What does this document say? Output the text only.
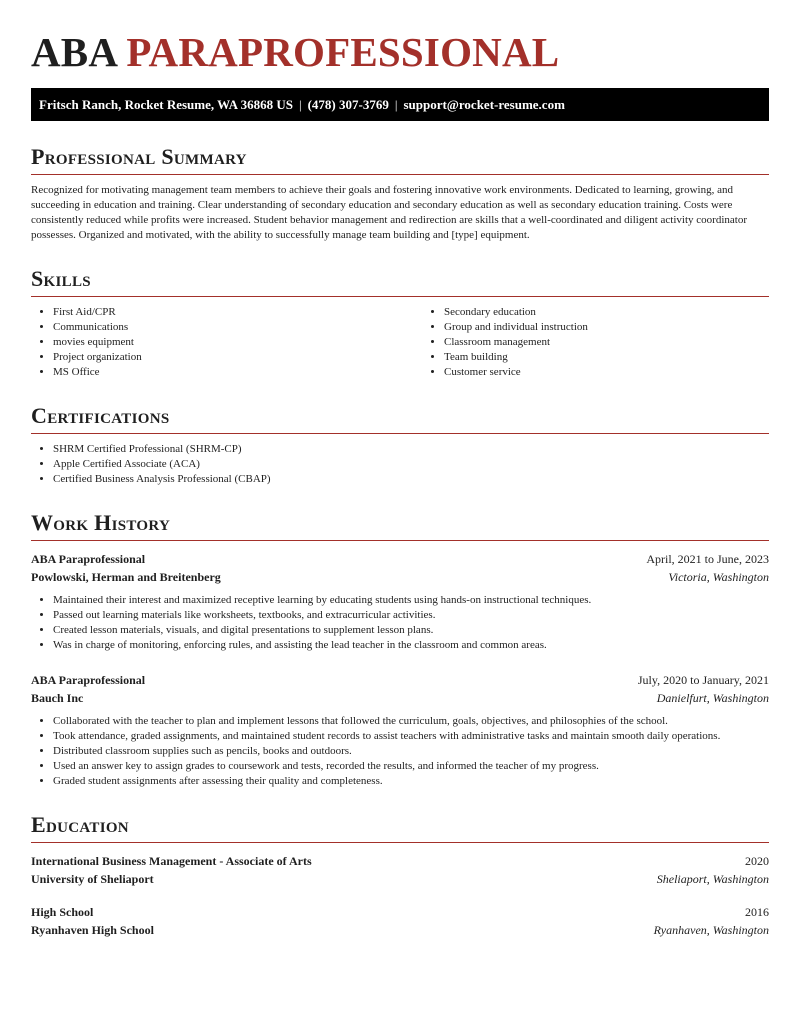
ABA PARAPROFESSIONAL
Fritsch Ranch, Rocket Resume, WA 36868 US | (478) 307-3769 | support@rocket-resume.com
Professional Summary

Recognized for motivating management team members to achieve their goals and fostering innovative work environments. Dedicated to learning, growing, and succeeding in education and training. Clear understanding of secondary education and secondary education as well as secondary education training. Costs were consistently reduced while profits were increased. Student behavior management and redirection are skills that a well-coordinated and diligent activity coordinator possesses. Organized and motivated, with the ability to successfully manage team building and [type] equipment.

Skills
• First Aid/CPR
• Communications
• movies equipment
• Project organization
• MS Office
• Secondary education
• Group and individual instruction
• Classroom management
• Team building
• Customer service
Certifications
• SHRM Certified Professional (SHRM-CP)
• Apple Certified Associate (ACA)
• Certified Business Analysis Professional (CBAP)
Work History
ABA Paraprofessional	April, 2021 to June, 2023
Powlowski, Herman and Breitenberg	Victoria, Washington
• Maintained their interest and maximized receptive learning by educating students using hands-on instructional techniques.
• Passed out learning materials like worksheets, textbooks, and extracurricular activities.
• Created lesson materials, visuals, and digital presentations to supplement lesson plans.
• Was in charge of monitoring, enforcing rules, and assisting the lead teacher in the classroom and common areas.
ABA Paraprofessional	July, 2020 to January, 2021
Bauch Inc	Danielfurt, Washington
• Collaborated with the teacher to plan and implement lessons that followed the curriculum, goals, objectives, and philosophies of the school.
• Took attendance, graded assignments, and maintained student records to assist teachers with administrative tasks and maintain smooth daily operations.
• Distributed classroom supplies such as pencils, books and outdoors.
• Used an answer key to assign grades to coursework and tests, recorded the results, and informed the teacher of my progress.
• Graded student assignments after assessing their quality and completeness.
Education
International Business Management - Associate of Arts	2020
University of Sheliaport	Sheliaport, Washington
High School	2016
Ryanhaven High School	Ryanhaven, Washington
